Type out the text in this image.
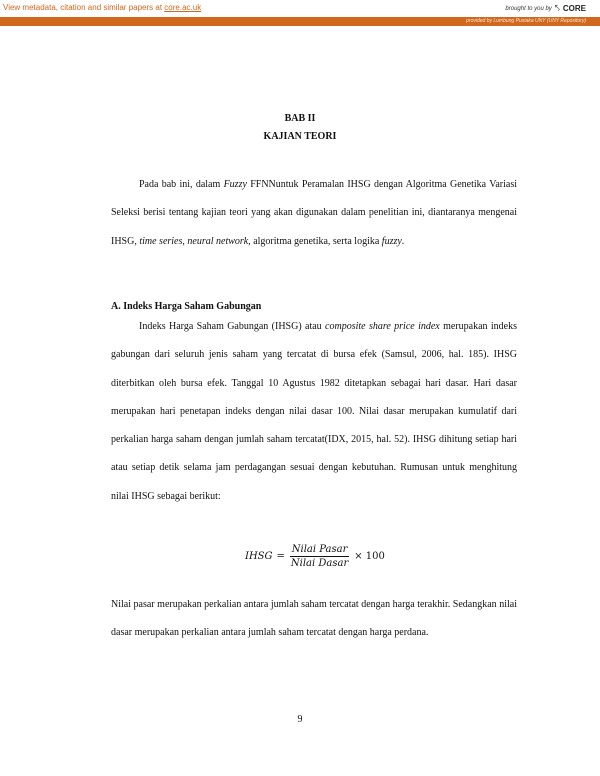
View metadata, citation and similar papers at core.ac.uk	brought to you by ⤣ CORE
provided by Lumbung Pustaka UNY (UNY Repository)
BAB II
KAJIAN TEORI

Pada bab ini, dalam Fuzzy FFNNuntuk Peramalan IHSG dengan Algoritma Genetika Variasi Seleksi berisi tentang kajian teori yang akan digunakan dalam penelitian ini, diantaranya mengenai IHSG, time series, neural network, algoritma genetika, serta logika fuzzy.

A. Indeks Harga Saham Gabungan

Indeks Harga Saham Gabungan (IHSG) atau composite share price index merupakan indeks gabungan dari seluruh jenis saham yang tercatat di bursa efek (Samsul, 2006, hal. 185). IHSG diterbitkan oleh bursa efek. Tanggal 10 Agustus 1982 ditetapkan sebagai hari dasar. Hari dasar merupakan hari penetapan indeks dengan nilai dasar 100. Nilai dasar merupakan kumulatif dari perkalian harga saham dengan jumlah saham tercatat(IDX, 2015, hal. 52). IHSG dihitung setiap hari atau setiap detik selama jam perdagangan sesuai dengan kebutuhan. Rumusan untuk menghitung nilai IHSG sebagai berikut:

IHSG = $\frac{\text{Nilai Pasar}}{\text{Nilai Dasar}} \times 100$

Nilai pasar merupakan perkalian antara jumlah saham tercatat dengan harga terakhir. Sedangkan nilai dasar merupakan perkalian antara jumlah saham tercatat dengan harga perdana.

9
